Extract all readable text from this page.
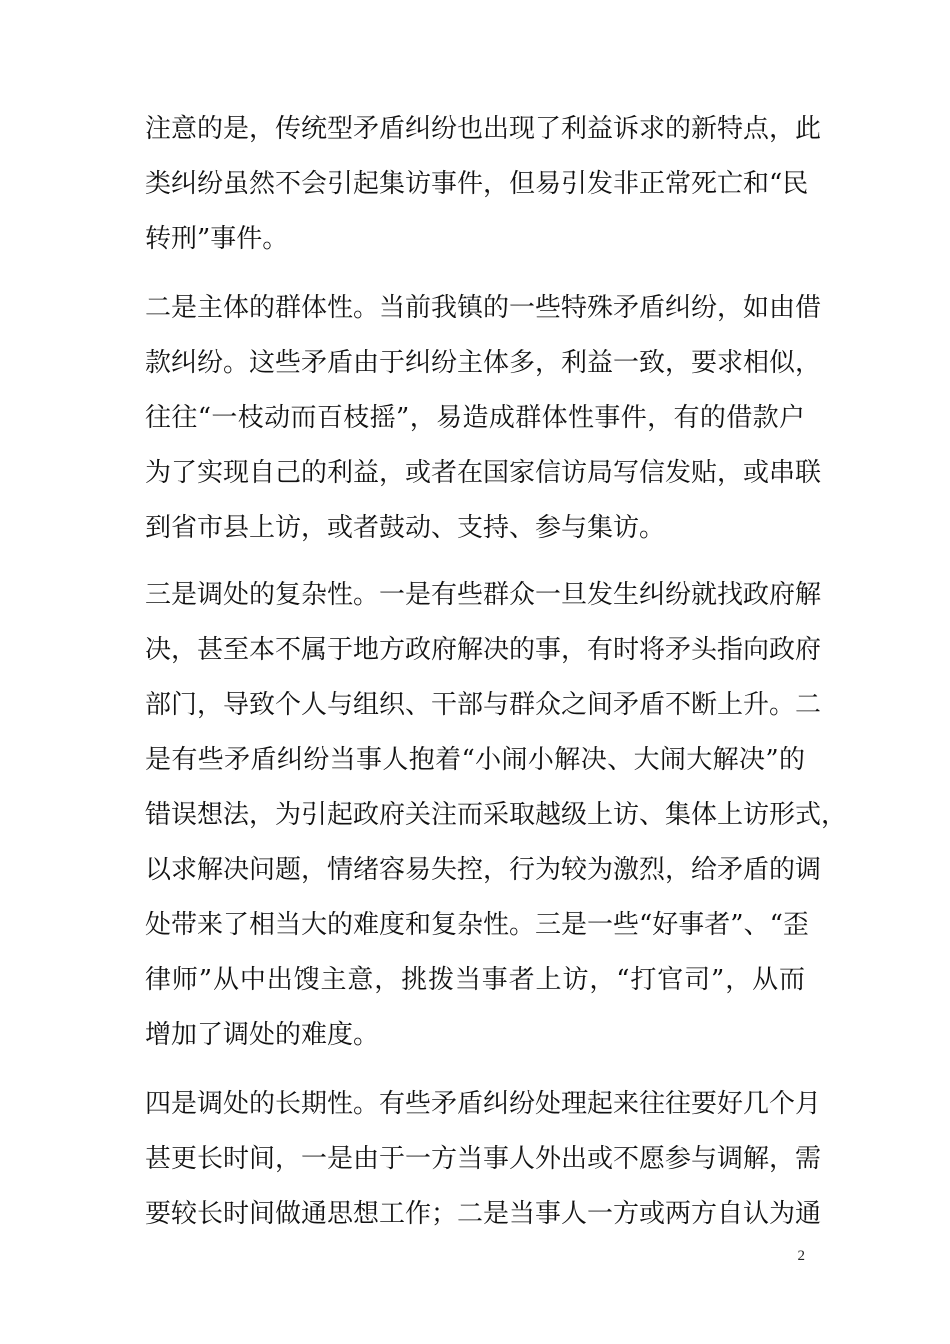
注意的是，传统型矛盾纠纷也出现了利益诉求的新特点，此

类纠纷虽然不会引起集访事件，但易引发非正常死亡和“民

转刑”事件。

二是主体的群体性。当前我镇的一些特殊矛盾纠纷，如由借

款纠纷。这些矛盾由于纠纷主体多，利益一致，要求相似，

往往“一枝动而百枝摇”，易造成群体性事件，有的借款户

为了实现自己的利益，或者在国家信访局写信发贴，或串联

到省市县上访，或者鼓动、支持、参与集访。

三是调处的复杂性。一是有些群众一旦发生纠纷就找政府解

决，甚至本不属于地方政府解决的事，有时将矛头指向政府

部门，导致个人与组织、干部与群众之间矛盾不断上升。二

是有些矛盾纠纷当事人抱着“小闹小解决、大闹大解决”的

错误想法，为引起政府关注而采取越级上访、集体上访形式，

以求解决问题，情绪容易失控，行为较为激烈，给矛盾的调

处带来了相当大的难度和复杂性。三是一些“好事者”、“歪

律师”从中出馊主意，挑拨当事者上访，“打官司”，从而

增加了调处的难度。

四是调处的长期性。有些矛盾纠纷处理起来往往要好几个月

甚更长时间，一是由于一方当事人外出或不愿参与调解，需

要较长时间做通思想工作；二是当事人一方或两方自认为通

2
